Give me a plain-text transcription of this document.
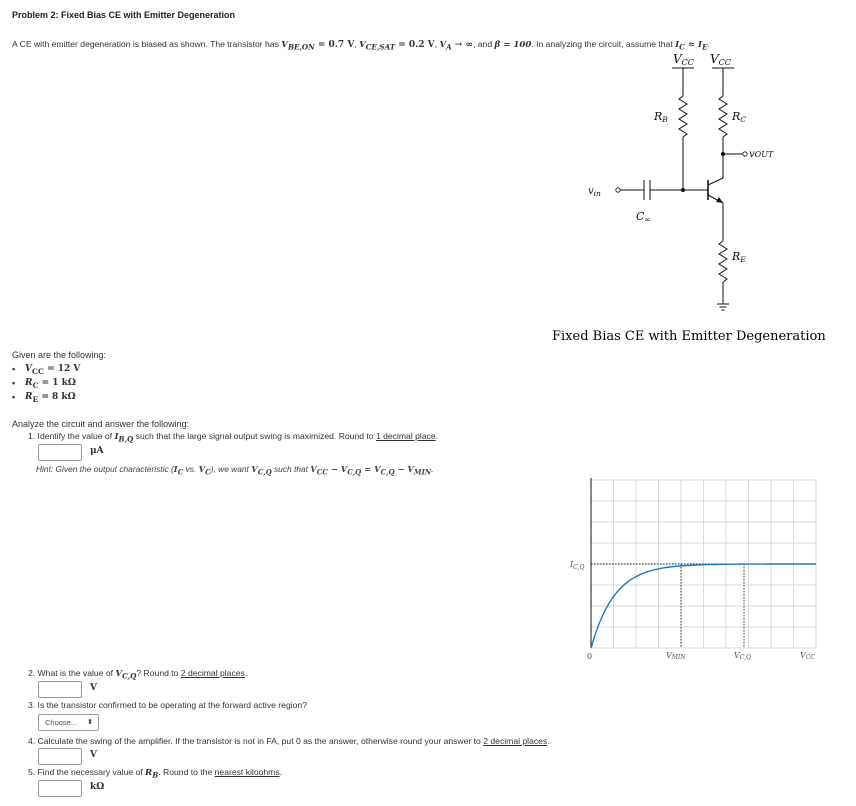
Problem 2: Fixed Bias CE with Emitter Degeneration
A CE with emitter degeneration is biased as shown. The transistor has $V_{BE,ON} = 0.7$ V, $V_{CE,SAT} = 0.2$ V, $V_A$ → ∞, and β = 100. In analyzing the circuit, assume that $I_C \approx I_E$.
VCC VCC
RB	RC
vOUT
$v_{in}$
C∞
RE
Fixed Bias CE with Emitter Degeneration
Given are the following:
• $V_{CC} = 12$ V
• $R_C = 1$ kΩ
• $R_E = 8$ kΩ
Analyze the circuit and answer the following:
1. Identify the value of $I_{B,Q}$ such that the large signal output swing is maximized. Round to 1 decimal place.
μA
Hint: Given the output characteristic ($I_C$ vs. $V_C$), we want $V_{C,Q}$ such that $V_{CC} - V_{C,Q} = V_{C,Q} - V_{MIN}$.
$I_{C,Q}$
0	VMIN	VC,Q	VCC
2. What is the value of $V_{C,Q}$? Round to 2 decimal places.
V
3. Is the transistor confirmed to be operating at the forward active region?
Choose... ⬍
4. Calculate the swing of the amplifier. If the transistor is not in FA, put 0 as the answer, otherwise round your answer to 2 decimal places.
V
5. Find the necessary value of $R_B$. Round to the nearest kiloohms.
kΩ
